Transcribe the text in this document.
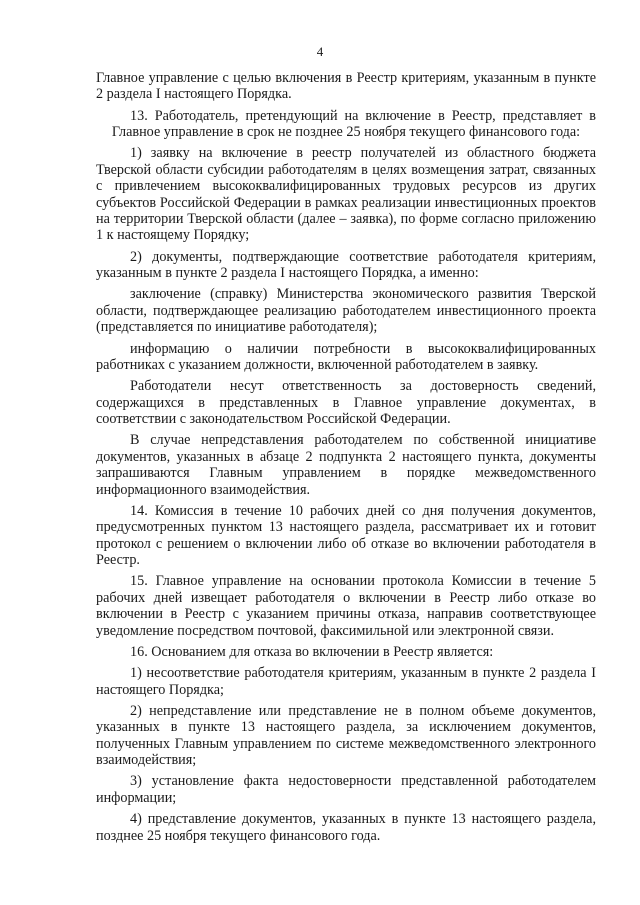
4

Главное управление с целью включения в Реестр критериям, указанным в пункте 2 раздела I настоящего Порядка.

13. Работодатель, претендующий на включение в Реестр, представляет в Главное управление в срок не позднее 25 ноября текущего финансового года:

1) заявку на включение в реестр получателей из областного бюджета Тверской области субсидии работодателям в целях возмещения затрат, связанных с привлечением высококвалифицированных трудовых ресурсов из других субъектов Российской Федерации в рамках реализации инвестиционных проектов на территории Тверской области (далее – заявка), по форме согласно приложению 1 к настоящему Порядку;

2) документы, подтверждающие соответствие работодателя критериям, указанным в пункте 2 раздела I настоящего Порядка, а именно:

заключение (справку) Министерства экономического развития Тверской области, подтверждающее реализацию работодателем инвестиционного проекта (представляется по инициативе работодателя);

информацию о наличии потребности в высококвалифицированных работниках с указанием должности, включенной работодателем в заявку.

Работодатели несут ответственность за достоверность сведений, содержащихся в представленных в Главное управление документах, в соответствии с законодательством Российской Федерации.

В случае непредставления работодателем по собственной инициативе документов, указанных в абзаце 2 подпункта 2 настоящего пункта, документы запрашиваются Главным управлением в порядке межведомственного информационного взаимодействия.

14. Комиссия в течение 10 рабочих дней со дня получения документов, предусмотренных пунктом 13 настоящего раздела, рассматривает их и готовит протокол с решением о включении либо об отказе во включении работодателя в Реестр.

15. Главное управление на основании протокола Комиссии в течение 5 рабочих дней извещает работодателя о включении в Реестр либо отказе во включении в Реестр с указанием причины отказа, направив соответствующее уведомление посредством почтовой, факсимильной или электронной связи.

16. Основанием для отказа во включении в Реестр является:

1) несоответствие работодателя критериям, указанным в пункте 2 раздела I настоящего Порядка;

2) непредставление или представление не в полном объеме документов, указанных в пункте 13 настоящего раздела, за исключением документов, полученных Главным управлением по системе межведомственного электронного взаимодействия;

3) установление факта недостоверности представленной работодателем информации;

4) представление документов, указанных в пункте 13 настоящего раздела, позднее 25 ноября текущего финансового года.
